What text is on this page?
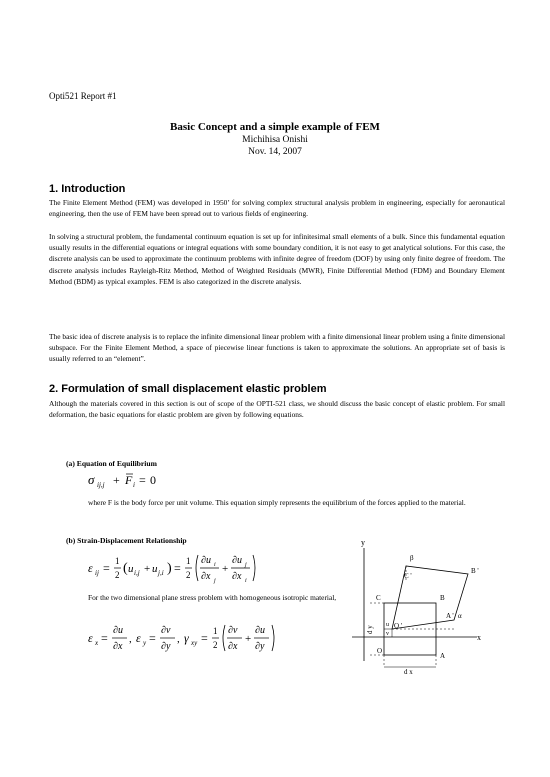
Opti521 Report #1
Basic Concept and a simple example of FEM
Michihisa Onishi
Nov. 14, 2007
1. Introduction

The Finite Element Method (FEM) was developed in 1950’ for solving complex structural analysis problem in engineering, especially for aeronautical engineering, then the use of FEM have been spread out to various fields of engineering.

In solving a structural problem, the fundamental continuum equation is set up for infinitesimal small elements of a bulk. Since this fundamental equation usually results in the differential equations or integral equations with some boundary condition, it is not easy to get analytical solutions. For this case, the discrete analysis can be used to approximate the continuum problems with infinite degree of freedom (DOF) by using only finite degree of freedom. The discrete analysis includes Rayleigh-Ritz Method, Method of Weighted Residuals (MWR), Finite Differential Method (FDM) and Boundary Element Method (BDM) as typical examples. FEM is also categorized in the discrete analysis.

The basic idea of discrete analysis is to replace the infinite dimensional linear problem with a finite dimensional linear problem using a finite dimensional subspace. For the Finite Element Method, a space of piecewise linear functions is taken to approximate the solutions. An appropriate set of basis is usually referred to an “element”.

2. Formulation of small displacement elastic problem

Although the materials covered in this section is out of scope of the OPTI-521 class, we should discuss the basic concept of elastic problem. For small deformation, the basic equations for elastic problem are given by following equations.

(a) Equation of Equilibrium

σ ij,j + F i = 0

where F is the body force per unit volume. This equation simply represents the equilibrium of the forces applied to the material.

(b) Strain-Displacement Relationship

ε ij = 1
2 ( u i,j + u j,i ) = 1
2
∂u i
∂x j
+
∂u j
∂x i

For the two dimensional plane stress problem with homogeneous isotropic material,

ε x =
∂u
∂x
, ε y =
∂v
∂y
, γ xy = 1
2
∂v
∂x
+
∂u
∂y
y
x
d y
d x
β
α
C
C '
B
B '
A
A '
O
O '
v
u
